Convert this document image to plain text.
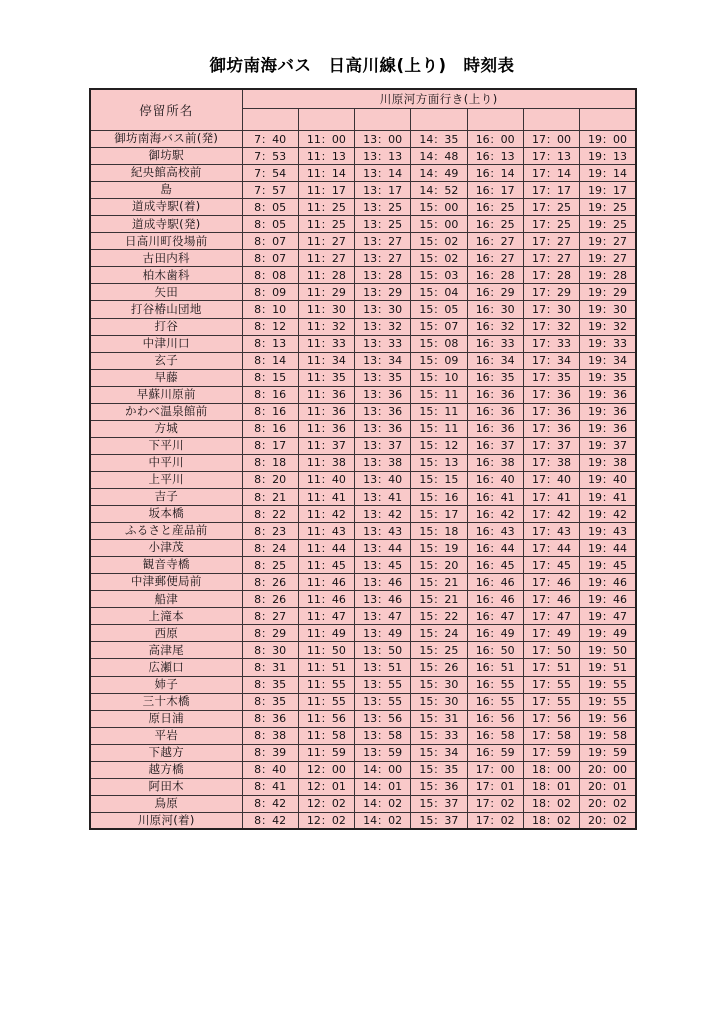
御坊南海バス　日高川線(上り)　時刻表
停留所名	川原河方面行き(上り)						

御坊南海バス前(発)	7：40	11：00	13：00	14：35	16：00	17：00	19：00
御坊駅	7：53	11：13	13：13	14：48	16：13	17：13	19：13
紀央館高校前	7：54	11：14	13：14	14：49	16：14	17：14	19：14
島	7：57	11：17	13：17	14：52	16：17	17：17	19：17
道成寺駅(着)	8：05	11：25	13：25	15：00	16：25	17：25	19：25
道成寺駅(発)	8：05	11：25	13：25	15：00	16：25	17：25	19：25
日高川町役場前	8：07	11：27	13：27	15：02	16：27	17：27	19：27
古田内科	8：07	11：27	13：27	15：02	16：27	17：27	19：27
柏木歯科	8：08	11：28	13：28	15：03	16：28	17：28	19：28
矢田	8：09	11：29	13：29	15：04	16：29	17：29	19：29
打谷椿山団地	8：10	11：30	13：30	15：05	16：30	17：30	19：30
打谷	8：12	11：32	13：32	15：07	16：32	17：32	19：32
中津川口	8：13	11：33	13：33	15：08	16：33	17：33	19：33
玄子	8：14	11：34	13：34	15：09	16：34	17：34	19：34
早藤	8：15	11：35	13：35	15：10	16：35	17：35	19：35
早蘇川原前	8：16	11：36	13：36	15：11	16：36	17：36	19：36
かわべ温泉館前	8：16	11：36	13：36	15：11	16：36	17：36	19：36
方城	8：16	11：36	13：36	15：11	16：36	17：36	19：36
下平川	8：17	11：37	13：37	15：12	16：37	17：37	19：37
中平川	8：18	11：38	13：38	15：13	16：38	17：38	19：38
上平川	8：20	11：40	13：40	15：15	16：40	17：40	19：40
吉子	8：21	11：41	13：41	15：16	16：41	17：41	19：41
坂本橋	8：22	11：42	13：42	15：17	16：42	17：42	19：42
ふるさと産品前	8：23	11：43	13：43	15：18	16：43	17：43	19：43
小津茂	8：24	11：44	13：44	15：19	16：44	17：44	19：44
観音寺橋	8：25	11：45	13：45	15：20	16：45	17：45	19：45
中津郵便局前	8：26	11：46	13：46	15：21	16：46	17：46	19：46
船津	8：26	11：46	13：46	15：21	16：46	17：46	19：46
上滝本	8：27	11：47	13：47	15：22	16：47	17：47	19：47
西原	8：29	11：49	13：49	15：24	16：49	17：49	19：49
高津尾	8：30	11：50	13：50	15：25	16：50	17：50	19：50
広瀬口	8：31	11：51	13：51	15：26	16：51	17：51	19：51
姉子	8：35	11：55	13：55	15：30	16：55	17：55	19：55
三十木橋	8：35	11：55	13：55	15：30	16：55	17：55	19：55
原日浦	8：36	11：56	13：56	15：31	16：56	17：56	19：56
平岩	8：38	11：58	13：58	15：33	16：58	17：58	19：58
下越方	8：39	11：59	13：59	15：34	16：59	17：59	19：59
越方橋	8：40	12：00	14：00	15：35	17：00	18：00	20：00
阿田木	8：41	12：01	14：01	15：36	17：01	18：01	20：01
鳥原	8：42	12：02	14：02	15：37	17：02	18：02	20：02
川原河(着)	8：42	12：02	14：02	15：37	17：02	18：02	20：02
